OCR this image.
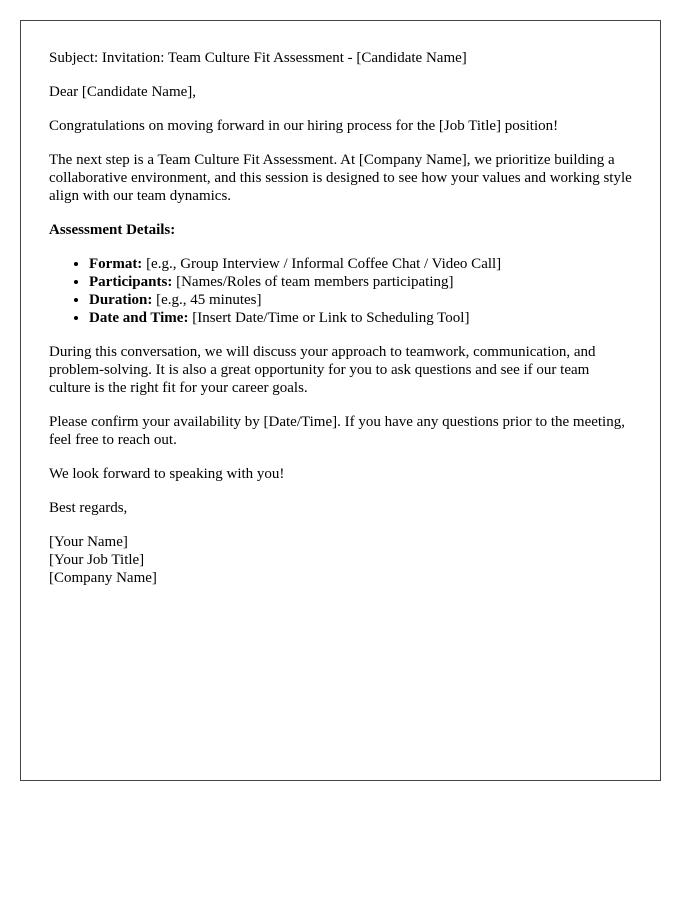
Subject: Invitation: Team Culture Fit Assessment - [Candidate Name]

Dear [Candidate Name],

Congratulations on moving forward in our hiring process for the [Job Title] position!

The next step is a Team Culture Fit Assessment. At [Company Name], we prioritize building a collaborative environment, and this session is designed to see how your values and working style align with our team dynamics.

Assessment Details:

• Format: [e.g., Group Interview / Informal Coffee Chat / Video Call]
• Participants: [Names/Roles of team members participating]
• Duration: [e.g., 45 minutes]
• Date and Time: [Insert Date/Time or Link to Scheduling Tool]

During this conversation, we will discuss your approach to teamwork, communication, and problem-solving. It is also a great opportunity for you to ask questions and see if our team culture is the right fit for your career goals.

Please confirm your availability by [Date/Time]. If you have any questions prior to the meeting, feel free to reach out.

We look forward to speaking with you!

Best regards,

[Your Name]

[Your Job Title]

[Company Name]
